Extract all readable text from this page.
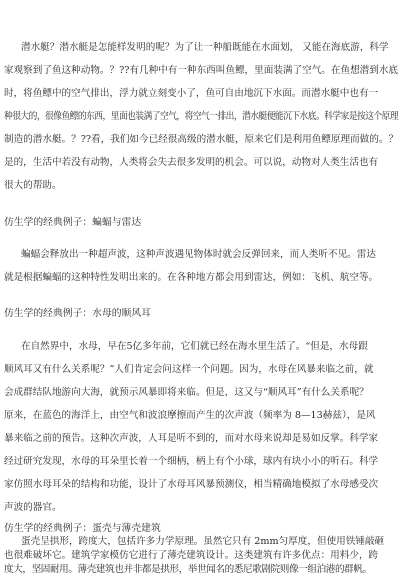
潜水艇？潜水艇是怎能样发明的呢？为了让一种船既能在水面划， 又能在海底游，科学
家观察到了鱼这种动物。？??有几种中有一种东西叫鱼鳔，里面装满了空气。在鱼想潜到水底
时，将鱼鳔中的空气排出，浮力就立刻变小了，鱼可自由地沉下水面。而潜水艇中也有一
种很大的，很像鱼鳔的东西，里面也装满了空气，将空气一排出，潜水艇便能沉下水底。科学家是按这个原理
制造的潜水艇。？??看，我们如今已经很高级的潜水艇，原来它们是利用鱼鳔原理而做的。？
是的，生活中若没有动物，人类将会失去很多发明的机会。可以说，动物对人类生活也有
很大的帮助。
仿生学的经典例子：蝙蝠与雷达
蝙蝠会释放出一种超声波，这种声波遇见物体时就会反弹回来，而人类听不见。雷达
就是根据蝙蝠的这种特性发明出来的。在各种地方都会用到雷达，例如：飞机、航空等。
仿生学的经典例子：水母的顺风耳
在自然界中，水母，早在5亿多年前，它们就已经在海水里生活了。“但是，水母跟
顺风耳又有什么关系呢？”人们肯定会问这样一个问题。因为，水母在风暴来临之前，就
会成群结队地游向大海，就预示风暴即将来临。但是，这又与“顺风耳”有什么关系呢？
原来，在蓝色的海洋上，由空气和波浪摩擦而产生的次声波（频率为 8—13赫兹），是风
暴来临之前的预告。这种次声波，人耳是听不到的，而对水母来说却是易如反掌。科学家
经过研究发现，水母的耳朵里长着一个细柄，柄上有个小球，球内有块小小的听石。科学
家仿照水母耳朵的结构和功能，设计了水母耳风暴预测仪，相当精确地模拟了水母感受次
声波的器官。
仿生学的经典例子：蛋壳与薄壳建筑
蛋壳呈拱形，跨度大，包括许多力学原理。虽然它只有 2mm匀厚度，但使用铁锤敲砸
也很难破坏它。建筑学家模仿它进行了薄壳建筑设计。这类建筑有许多优点：用料少，跨
度大，坚固耐用。薄壳建筑也并非都是拱形，举世闻名的悉尼歌剧院则像一组泊港的群帆。
